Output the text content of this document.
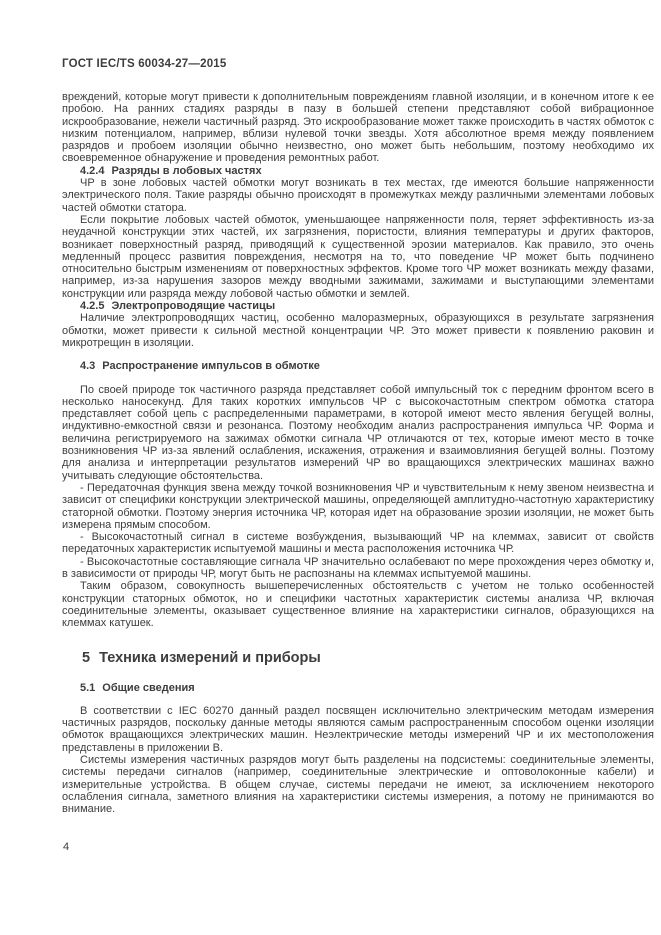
ГОСТ IEC/TS 60034-27—2015

вреждений, которые могут привести к дополнительным повреждениям главной изоляции, и в конечном итоге к ее пробою. На ранних стадиях разряды в пазу в большей степени представляют собой вибрационное искрообразование, нежели частичный разряд. Это искрообразование может также происходить в частях обмоток с низким потенциалом, например, вблизи нулевой точки звезды. Хотя абсолютное время между появлением разрядов и пробоем изоляции обычно неизвестно, оно может быть небольшим, поэтому необходимо их своевременное обнаружение и проведения ремонтных работ.

4.2.4 Разряды в лобовых частях

ЧР в зоне лобовых частей обмотки могут возникать в тех местах, где имеются большие напряженности электрического поля. Такие разряды обычно происходят в промежутках между различными элементами лобовых частей обмотки статора.

Если покрытие лобовых частей обмоток, уменьшающее напряженности поля, теряет эффективность из-за неудачной конструкции этих частей, их загрязнения, пористости, влияния температуры и других факторов, возникает поверхностный разряд, приводящий к существенной эрозии материалов. Как правило, это очень медленный процесс развития повреждения, несмотря на то, что поведение ЧР может быть подчинено относительно быстрым изменениям от поверхностных эффектов. Кроме того ЧР может возникать между фазами, например, из-за нарушения зазоров между вводными зажимами, зажимами и выступающими элементами конструкции или разряда между лобовой частью обмотки и землей.

4.2.5 Электропроводящие частицы

Наличие электропроводящих частиц, особенно малоразмерных, образующихся в результате загрязнения обмотки, может привести к сильной местной концентрации ЧР. Это может привести к появлению раковин и микротрещин в изоляции.

4.3 Распространение импульсов в обмотке

По своей природе ток частичного разряда представляет собой импульсный ток с передним фронтом всего в несколько наносекунд. Для таких коротких импульсов ЧР с высокочастотным спектром обмотка статора представляет собой цепь с распределенными параметрами, в которой имеют место явления бегущей волны, индуктивно-емкостной связи и резонанса. Поэтому необходим анализ распространения импульса ЧР. Форма и величина регистрируемого на зажимах обмотки сигнала ЧР отличаются от тех, которые имеют место в точке возникновения ЧР из-за явлений ослабления, искажения, отражения и взаимовлияния бегущей волны. Поэтому для анализа и интерпретации результатов измерений ЧР во вращающихся электрических машинах важно учитывать следующие обстоятельства.

- Передаточная функция звена между точкой возникновения ЧР и чувствительным к нему звеном неизвестна и зависит от специфики конструкции электрической машины, определяющей амплитудно-частотную характеристику статорной обмотки. Поэтому энергия источника ЧР, которая идет на образование эрозии изоляции, не может быть измерена прямым способом.

- Высокочастотный сигнал в системе возбуждения, вызывающий ЧР на клеммах, зависит от свойств передаточных характеристик испытуемой машины и места расположения источника ЧР.

- Высокочастотные составляющие сигнала ЧР значительно ослабевают по мере прохождения через обмотку и, в зависимости от природы ЧР, могут быть не распознаны на клеммах испытуемой машины.

Таким образом, совокупность вышеперечисленных обстоятельств с учетом не только особенностей конструкции статорных обмоток, но и специфики частотных характеристик системы анализа ЧР, включая соединительные элементы, оказывает существенное влияние на характеристики сигналов, образующихся на клеммах катушек.

5 Техника измерений и приборы

5.1 Общие сведения

В соответствии с IEC 60270 данный раздел посвящен исключительно электрическим методам измерения частичных разрядов, поскольку данные методы являются самым распространенным способом оценки изоляции обмоток вращающихся электрических машин. Неэлектрические методы измерений ЧР и их местоположения представлены в приложении В.

Системы измерения частичных разрядов могут быть разделены на подсистемы: соединительные элементы, системы передачи сигналов (например, соединительные электрические и оптоволоконные кабели) и измерительные устройства. В общем случае, системы передачи не имеют, за исключением некоторого ослабления сигнала, заметного влияния на характеристики системы измерения, а потому не принимаются во внимание.

4
